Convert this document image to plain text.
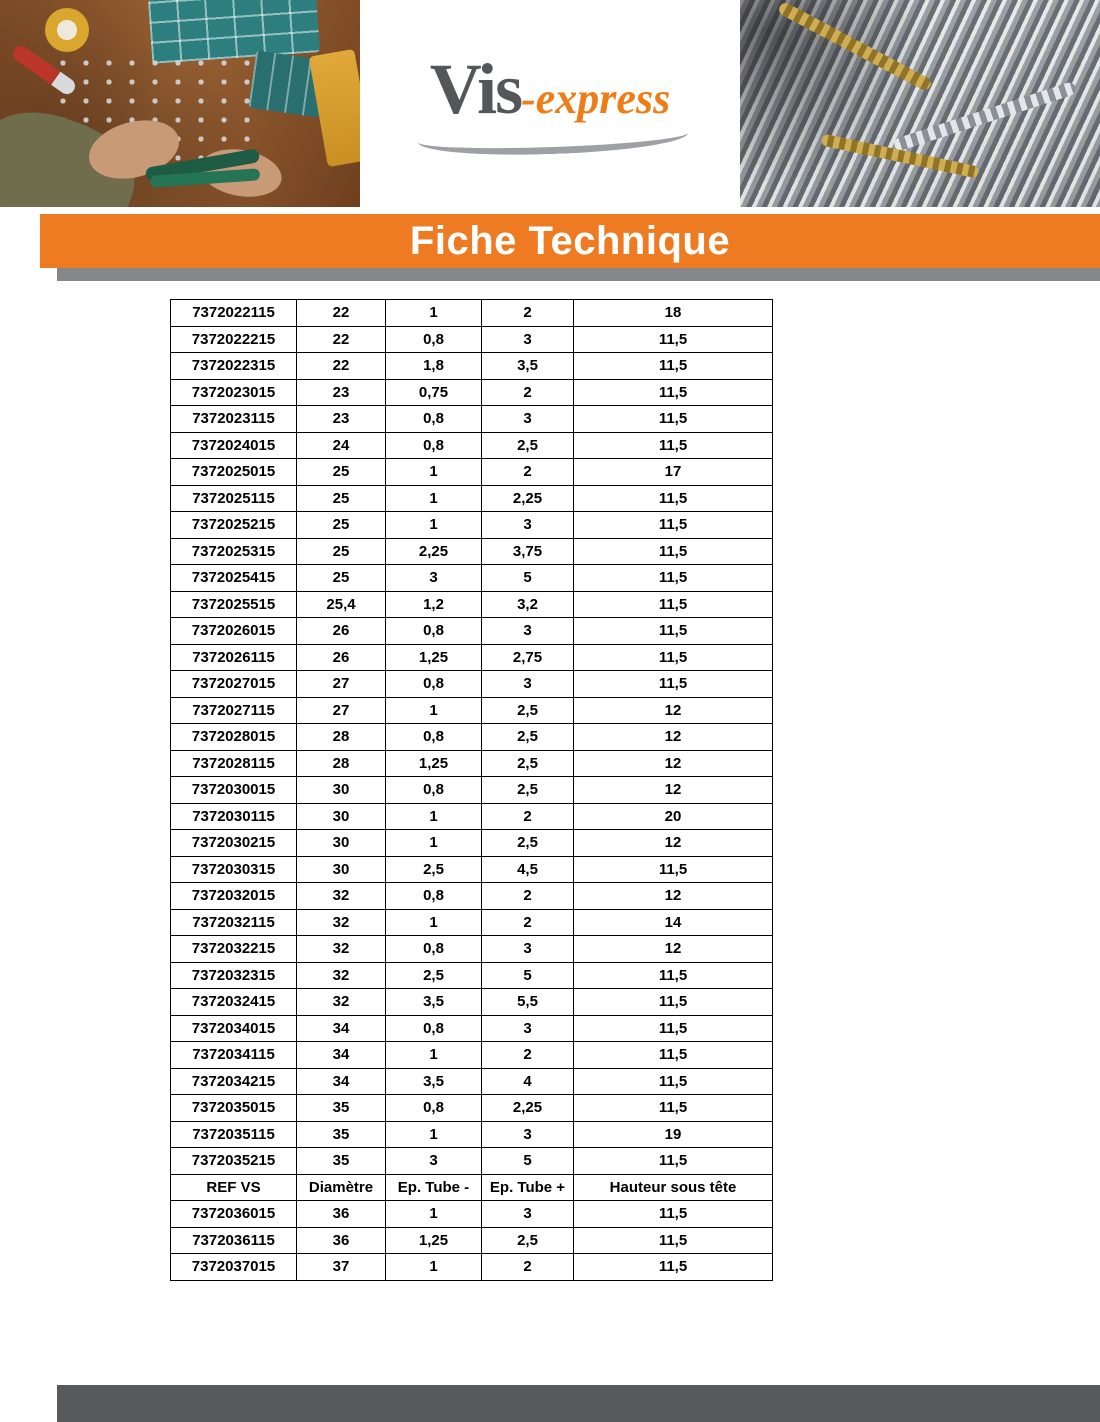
Vis -express
Fiche Technique
7372022115	22	1	2	18
7372022215	22	0,8	3	11,5
7372022315	22	1,8	3,5	11,5
7372023015	23	0,75	2	11,5
7372023115	23	0,8	3	11,5
7372024015	24	0,8	2,5	11,5
7372025015	25	1	2	17
7372025115	25	1	2,25	11,5
7372025215	25	1	3	11,5
7372025315	25	2,25	3,75	11,5
7372025415	25	3	5	11,5
7372025515	25,4	1,2	3,2	11,5
7372026015	26	0,8	3	11,5
7372026115	26	1,25	2,75	11,5
7372027015	27	0,8	3	11,5
7372027115	27	1	2,5	12
7372028015	28	0,8	2,5	12
7372028115	28	1,25	2,5	12
7372030015	30	0,8	2,5	12
7372030115	30	1	2	20
7372030215	30	1	2,5	12
7372030315	30	2,5	4,5	11,5
7372032015	32	0,8	2	12
7372032115	32	1	2	14
7372032215	32	0,8	3	12
7372032315	32	2,5	5	11,5
7372032415	32	3,5	5,5	11,5
7372034015	34	0,8	3	11,5
7372034115	34	1	2	11,5
7372034215	34	3,5	4	11,5
7372035015	35	0,8	2,25	11,5
7372035115	35	1	3	19
7372035215	35	3	5	11,5
REF VS	Diamètre	Ep. Tube -	Ep. Tube +	Hauteur sous tête
7372036015	36	1	3	11,5
7372036115	36	1,25	2,5	11,5
7372037015	37	1	2	11,5
